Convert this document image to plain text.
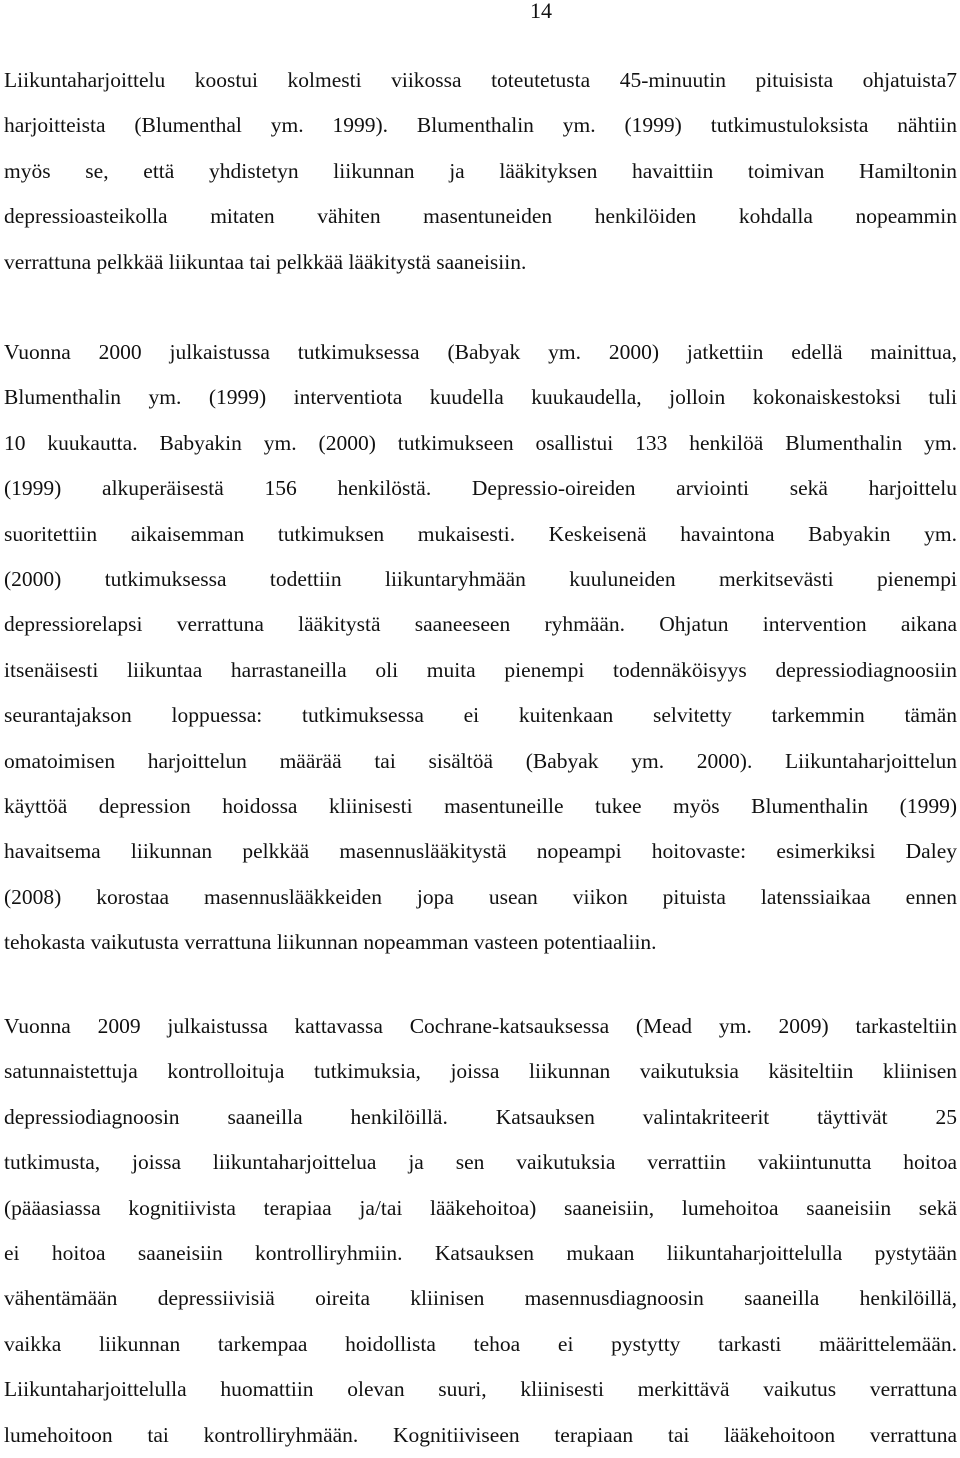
14
Liikuntaharjoittelu koostui kolmesti viikossa toteutetusta 45-minuutin pituisista ohjatuista7
harjoitteista (Blumenthal ym. 1999). Blumenthalin ym. (1999) tutkimustuloksista nähtiin
myös se, että yhdistetyn liikunnan ja lääkityksen havaittiin toimivan Hamiltonin
depressioasteikolla mitaten vähiten masentuneiden henkilöiden kohdalla nopeammin
verrattuna pelkkää liikuntaa tai pelkkää lääkitystä saaneisiin.
Vuonna 2000 julkaistussa tutkimuksessa (Babyak ym. 2000) jatkettiin edellä mainittua,
Blumenthalin ym. (1999) interventiota kuudella kuukaudella, jolloin kokonaiskestoksi tuli
10 kuukautta. Babyakin ym. (2000) tutkimukseen osallistui 133 henkilöä Blumenthalin ym.
(1999) alkuperäisestä 156 henkilöstä. Depressio-oireiden arviointi sekä harjoittelu
suoritettiin aikaisemman tutkimuksen mukaisesti. Keskeisenä havaintona Babyakin ym.
(2000) tutkimuksessa todettiin liikuntaryhmään kuuluneiden merkitsevästi pienempi
depressiorelapsi verrattuna lääkitystä saaneeseen ryhmään. Ohjatun intervention aikana
itsenäisesti liikuntaa harrastaneilla oli muita pienempi todennäköisyys depressiodiagnoosiin
seurantajakson loppuessa: tutkimuksessa ei kuitenkaan selvitetty tarkemmin tämän
omatoimisen harjoittelun määrää tai sisältöä (Babyak ym. 2000). Liikuntaharjoittelun
käyttöä depression hoidossa kliinisesti masentuneille tukee myös Blumenthalin (1999)
havaitsema liikunnan pelkkää masennuslääkitystä nopeampi hoitovaste: esimerkiksi Daley
(2008) korostaa masennuslääkkeiden jopa usean viikon pituista latenssiaikaa ennen
tehokasta vaikutusta verrattuna liikunnan nopeamman vasteen potentiaaliin.
Vuonna 2009 julkaistussa kattavassa Cochrane-katsauksessa (Mead ym. 2009) tarkasteltiin
satunnaistettuja kontrolloituja tutkimuksia, joissa liikunnan vaikutuksia käsiteltiin kliinisen
depressiodiagnoosin saaneilla henkilöillä. Katsauksen valintakriteerit täyttivät 25
tutkimusta, joissa liikuntaharjoittelua ja sen vaikutuksia verrattiin vakiintunutta hoitoa
(pääasiassa kognitiivista terapiaa ja/tai lääkehoitoa) saaneisiin, lumehoitoa saaneisiin sekä
ei hoitoa saaneisiin kontrolliryhmiin. Katsauksen mukaan liikuntaharjoittelulla pystytään
vähentämään depressiivisiä oireita kliinisen masennusdiagnoosin saaneilla henkilöillä,
vaikka liikunnan tarkempaa hoidollista tehoa ei pystytty tarkasti määrittelemään.
Liikuntaharjoittelulla huomattiin olevan suuri, kliinisesti merkittävä vaikutus verrattuna
lumehoitoon tai kontrolliryhmään. Kognitiiviseen terapiaan tai lääkehoitoon verrattuna
